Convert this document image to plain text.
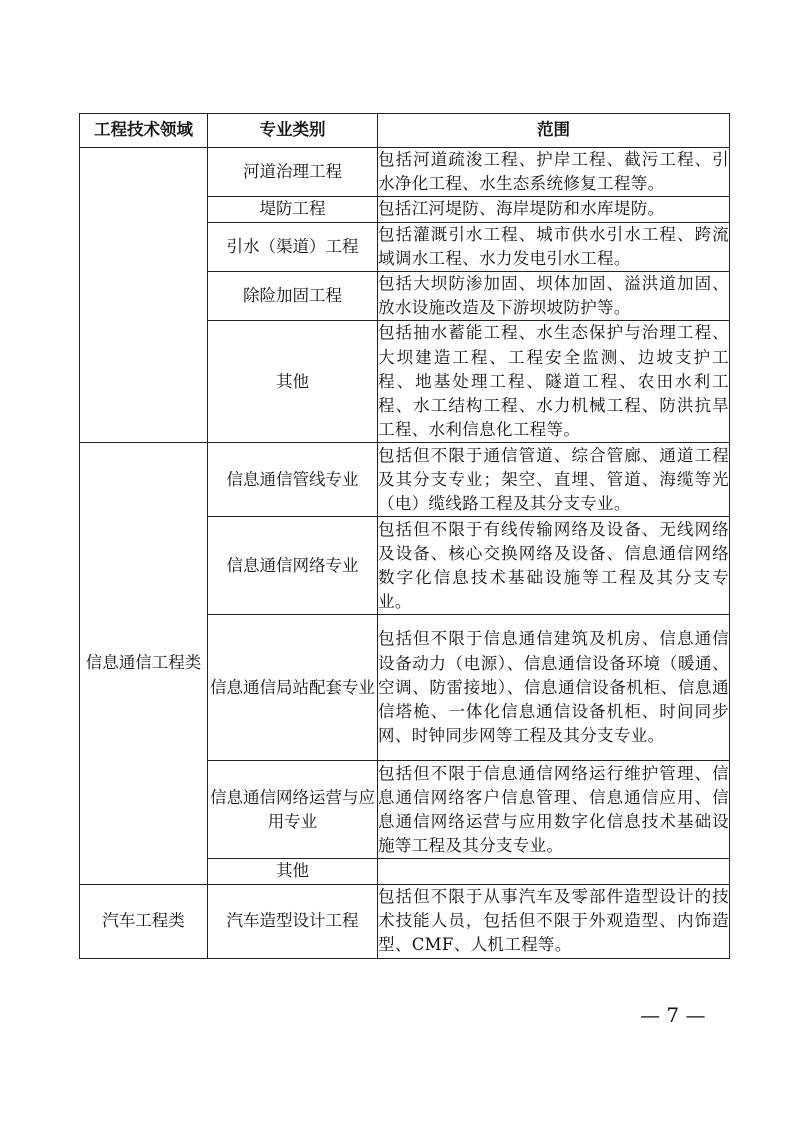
工程技术领域	专业类别	范围
	河道治理工程	包括河道疏浚工程、护岸工程、截污工程、引水净化工程、水生态系统修复工程等。
	堤防工程	包括江河堤防、海岸堤防和水库堤防。
	引水（渠道）工程	包括灌溉引水工程、城市供水引水工程、跨流域调水工程、水力发电引水工程。
	除险加固工程	包括大坝防渗加固、坝体加固、溢洪道加固、放水设施改造及下游坝坡防护等。
	其他	包括抽水蓄能工程、水生态保护与治理工程、大坝建造工程、工程安全监测、边坡支护工程、地基处理工程、隧道工程、农田水利工程、水工结构工程、水力机械工程、防洪抗旱工程、水利信息化工程等。
信息通信工程类	信息通信管线专业	包括但不限于通信管道、综合管廊、通道工程及其分支专业；架空、直埋、管道、海缆等光（电）缆线路工程及其分支专业。
	信息通信网络专业	包括但不限于有线传输网络及设备、无线网络及设备、核心交换网络及设备、信息通信网络数字化信息技术基础设施等工程及其分支专业。
	信息通信局站配套专业	包括但不限于信息通信建筑及机房、信息通信设备动力（电源）、信息通信设备环境（暖通、空调、防雷接地）、信息通信设备机柜、信息通信塔桅、一体化信息通信设备机柜、时间同步网、时钟同步网等工程及其分支专业。
	信息通信网络运营与应用专业	包括但不限于信息通信网络运行维护管理、信息通信网络客户信息管理、信息通信应用、信息通信网络运营与应用数字化信息技术基础设施等工程及其分支专业。
	其他	
汽车工程类	汽车造型设计工程	包括但不限于从事汽车及零部件造型设计的技术技能人员，包括但不限于外观造型、内饰造型、CMF、人机工程等。
— 7 —
